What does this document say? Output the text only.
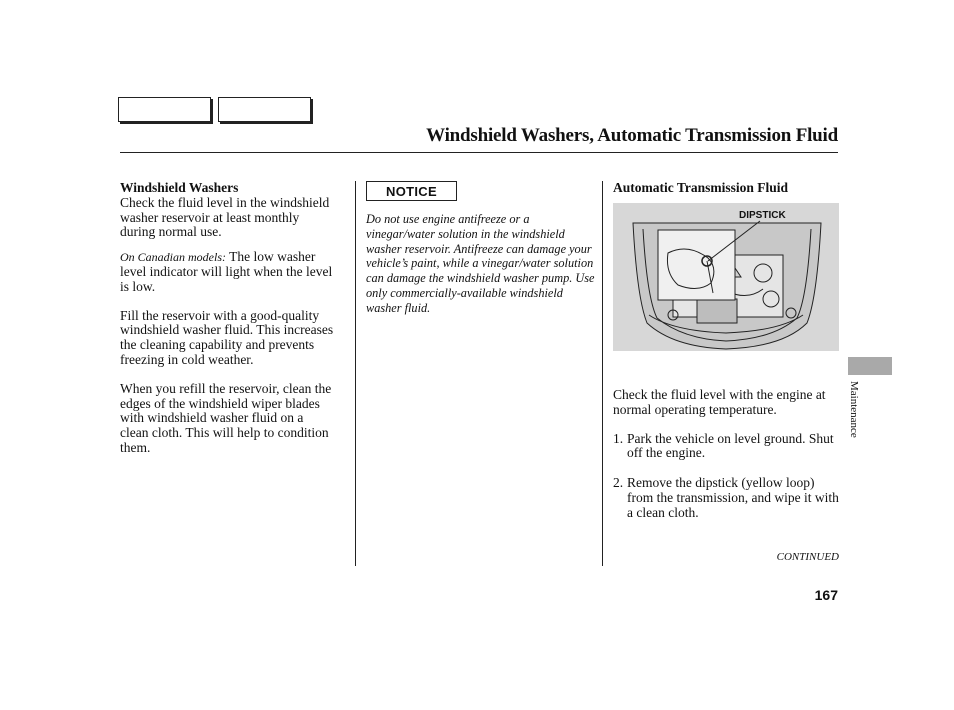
Windshield Washers, Automatic Transmission Fluid

Windshield Washers

Check the fluid level in the windshield washer reservoir at least monthly during normal use.

On Canadian models: The low washer level indicator will light when the level is low.

Fill the reservoir with a good-quality windshield washer fluid. This increases the cleaning capability and prevents freezing in cold weather.

When you refill the reservoir, clean the edges of the windshield wiper blades with windshield washer fluid on a clean cloth. This will help to condition them.

NOTICE
Do not use engine antifreeze or a vinegar/water solution in the windshield washer reservoir. Antifreeze can damage your vehicle’s paint, while a vinegar/water solution can damage the windshield washer pump. Use only commercially-available windshield washer fluid.
Automatic Transmission Fluid
DIPSTICK

Check the fluid level with the engine at normal operating temperature.

1. Park the vehicle on level ground. Shut off the engine.
2. Remove the dipstick (yellow loop) from the transmission, and wipe it with a clean cloth.
CONTINUED
167
Maintenance
